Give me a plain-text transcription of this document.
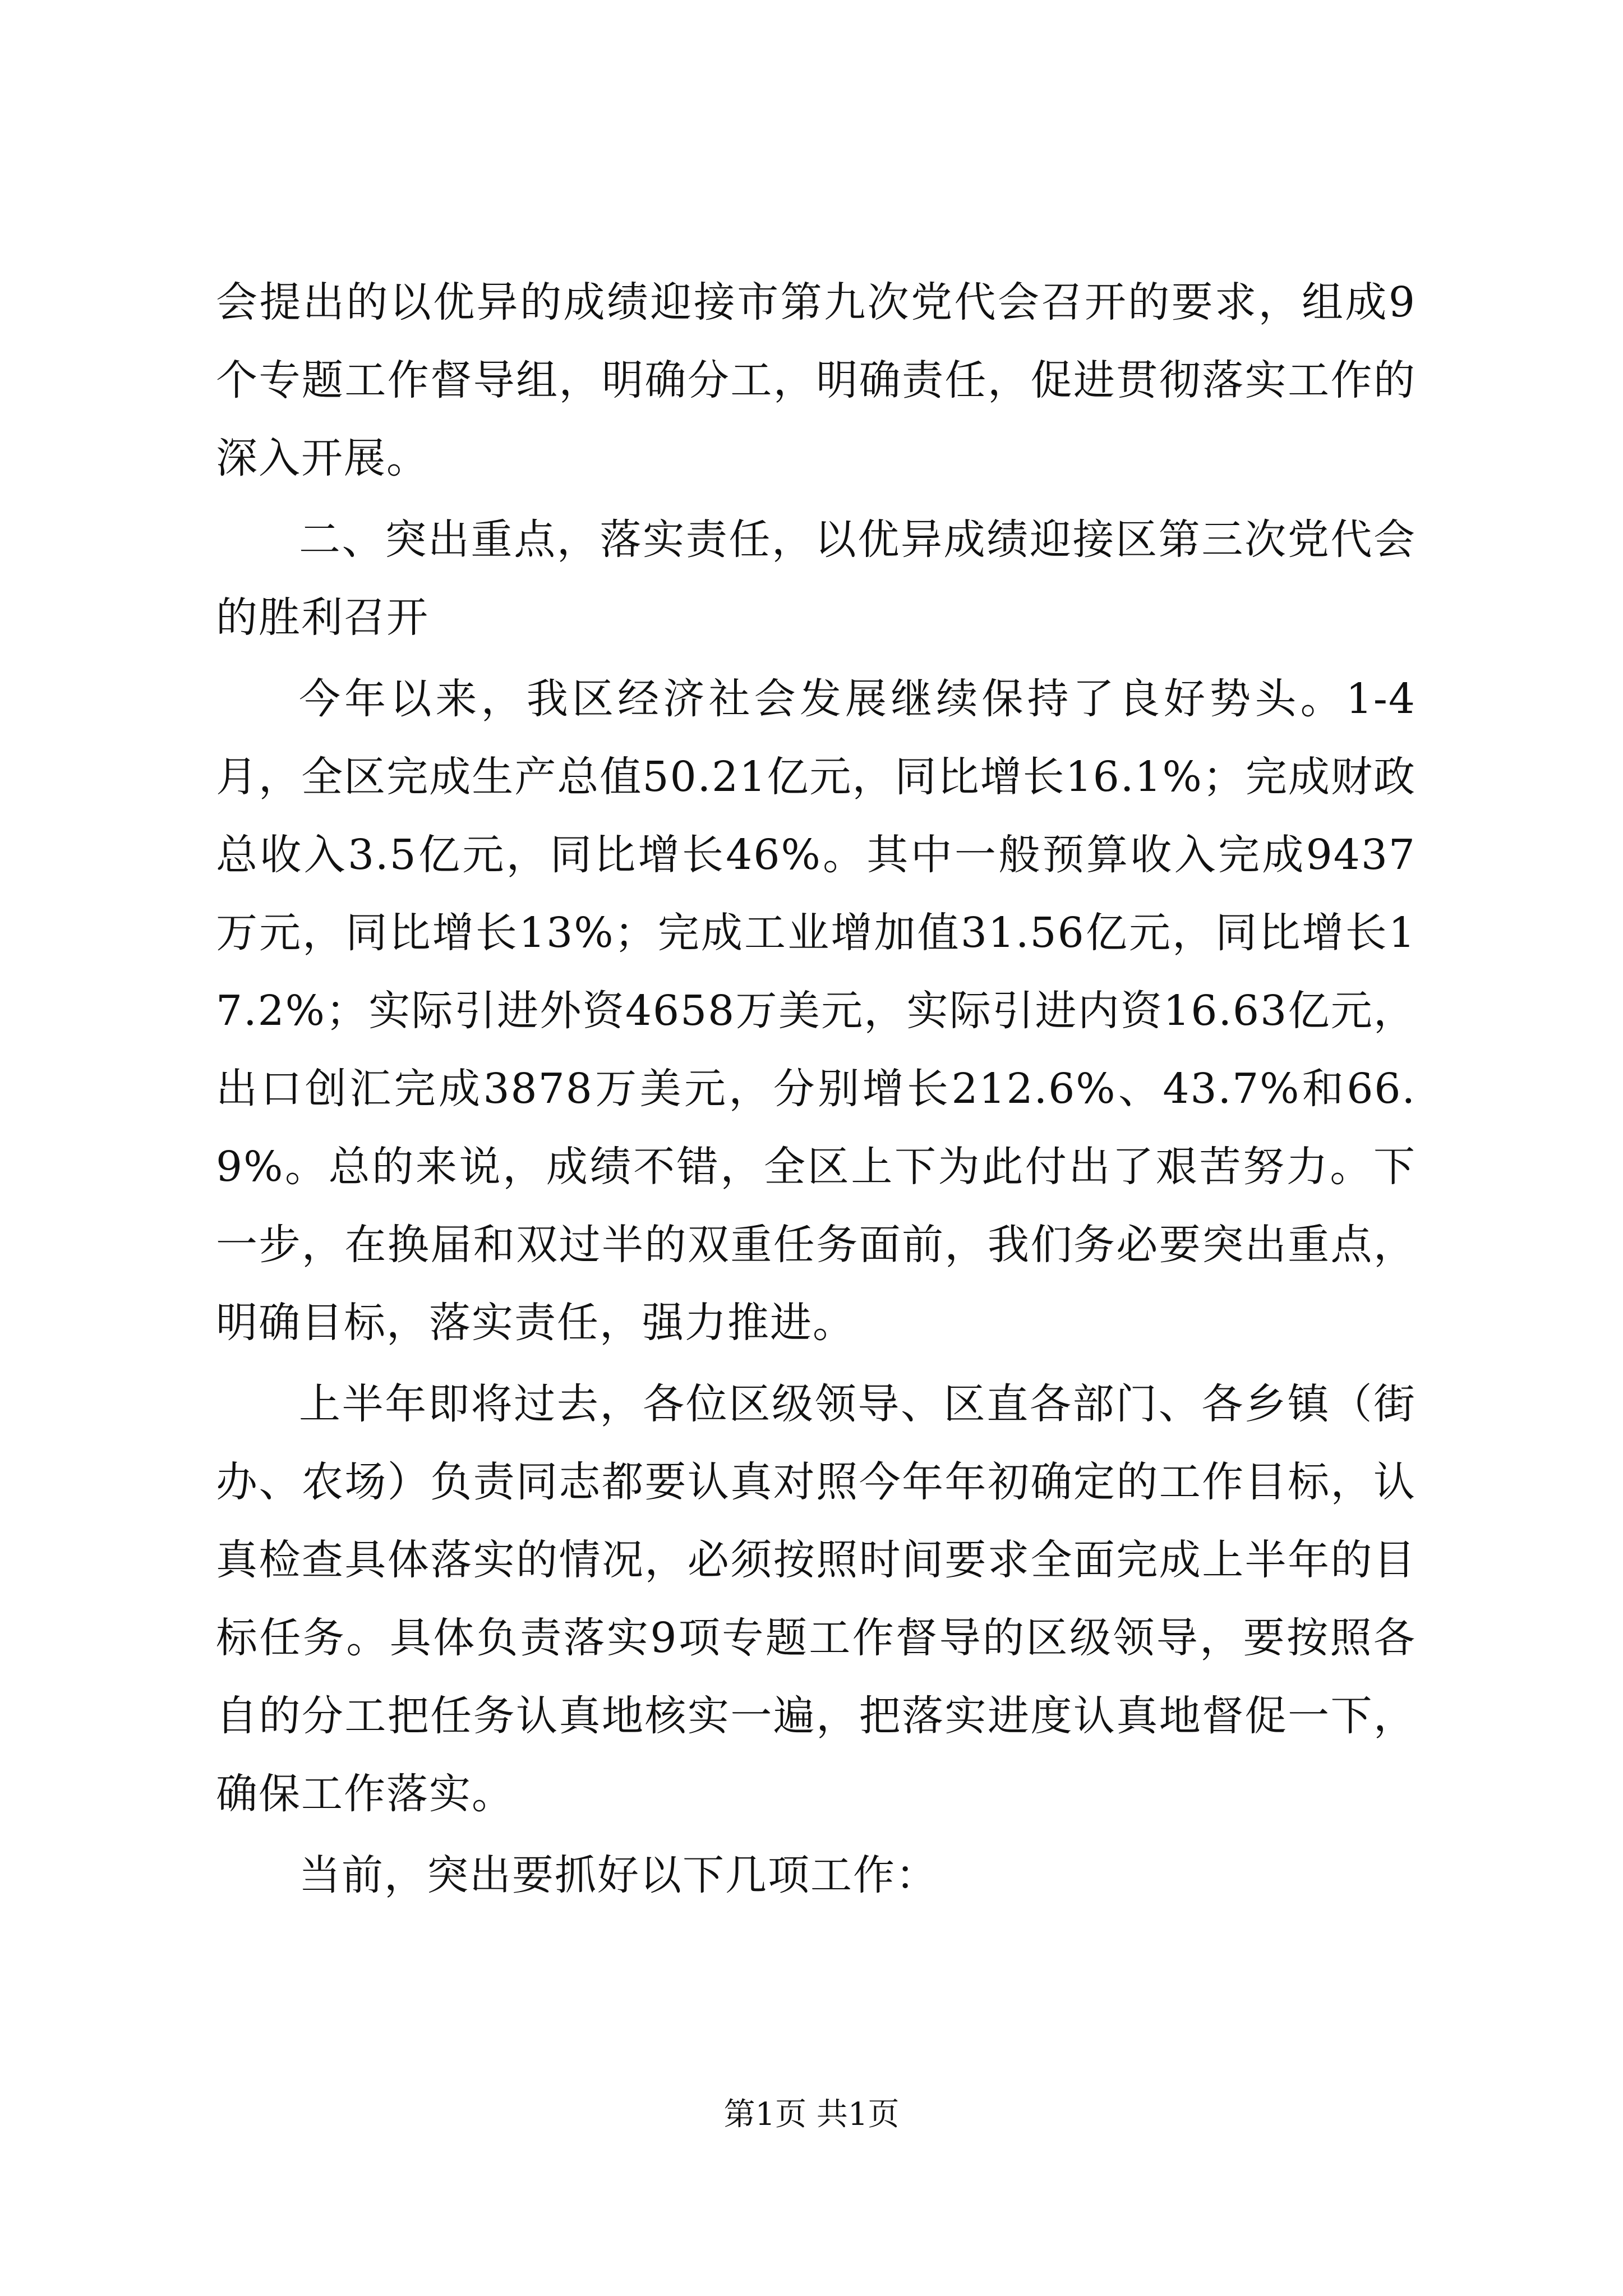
会提出的以优异的成绩迎接市第九次党代会召开的要求，组成9个专题工作督导组，明确分工，明确责任，促进贯彻落实工作的深入开展。

二、突出重点，落实责任，以优异成绩迎接区第三次党代会的胜利召开

今年以来，我区经济社会发展继续保持了良好势头。1-4月，全区完成生产总值50.21亿元，同比增长16.1%；完成财政总收入3.5亿元，同比增长46%。其中一般预算收入完成9437万元，同比增长13%；完成工业增加值31.56亿元，同比增长17.2%；实际引进外资4658万美元，实际引进内资16.63亿元，出口创汇完成3878万美元，分别增长212.6%、43.7%和66.9%。总的来说，成绩不错，全区上下为此付出了艰苦努力。下一步，在换届和双过半的双重任务面前，我们务必要突出重点，明确目标，落实责任，强力推进。

上半年即将过去，各位区级领导、区直各部门、各乡镇（街办、农场）负责同志都要认真对照今年年初确定的工作目标，认真检查具体落实的情况，必须按照时间要求全面完成上半年的目标任务。具体负责落实9项专题工作督导的区级领导，要按照各自的分工把任务认真地核实一遍，把落实进度认真地督促一下，确保工作落实。

当前，突出要抓好以下几项工作：

第1页 共1页
